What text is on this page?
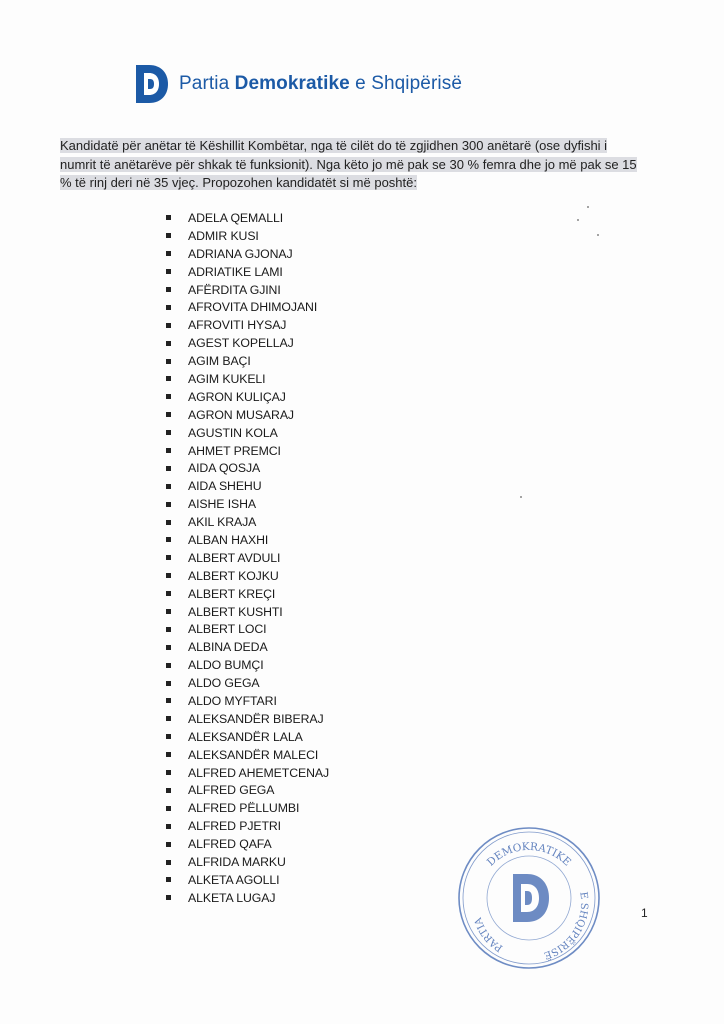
Partia Demokratike e Shqipërisë
Kandidatë për anëtar të Këshillit Kombëtar, nga të cilët do të zgjidhen 300 anëtarë (ose dyfishi i
numrit të anëtarëve për shkak të funksionit). Nga këto jo më pak se 30 % femra dhe jo më pak se 15
% të rinj deri në 35 vjeç. Propozohen kandidatët si më poshtë:
ADELA QEMALLI
ADMIR KUSI
ADRIANA GJONAJ
ADRIATIKE LAMI
AFËRDITA GJINI
AFROVITA DHIMOJANI
AFROVITI HYSAJ
AGEST KOPELLAJ
AGIM BAÇI
AGIM KUKELI
AGRON KULIÇAJ
AGRON MUSARAJ
AGUSTIN KOLA
AHMET PREMCI
AIDA QOSJA
AIDA SHEHU
AISHE ISHA
AKIL KRAJA
ALBAN HAXHI
ALBERT AVDULI
ALBERT KOJKU
ALBERT KREÇI
ALBERT KUSHTI
ALBERT LOCI
ALBINA DEDA
ALDO BUMÇI
ALDO GEGA
ALDO MYFTARI
ALEKSANDËR BIBERAJ
ALEKSANDËR LALA
ALEKSANDËR MALECI
ALFRED AHEMETCENAJ
ALFRED GEGA
ALFRED PËLLUMBI
ALFRED PJETRI
ALFRED QAFA
ALFRIDA MARKU
ALKETA AGOLLI
ALKETA LUGAJ
DEMOKRATIKE
PARTIA
E SHQIPËRISË
1
